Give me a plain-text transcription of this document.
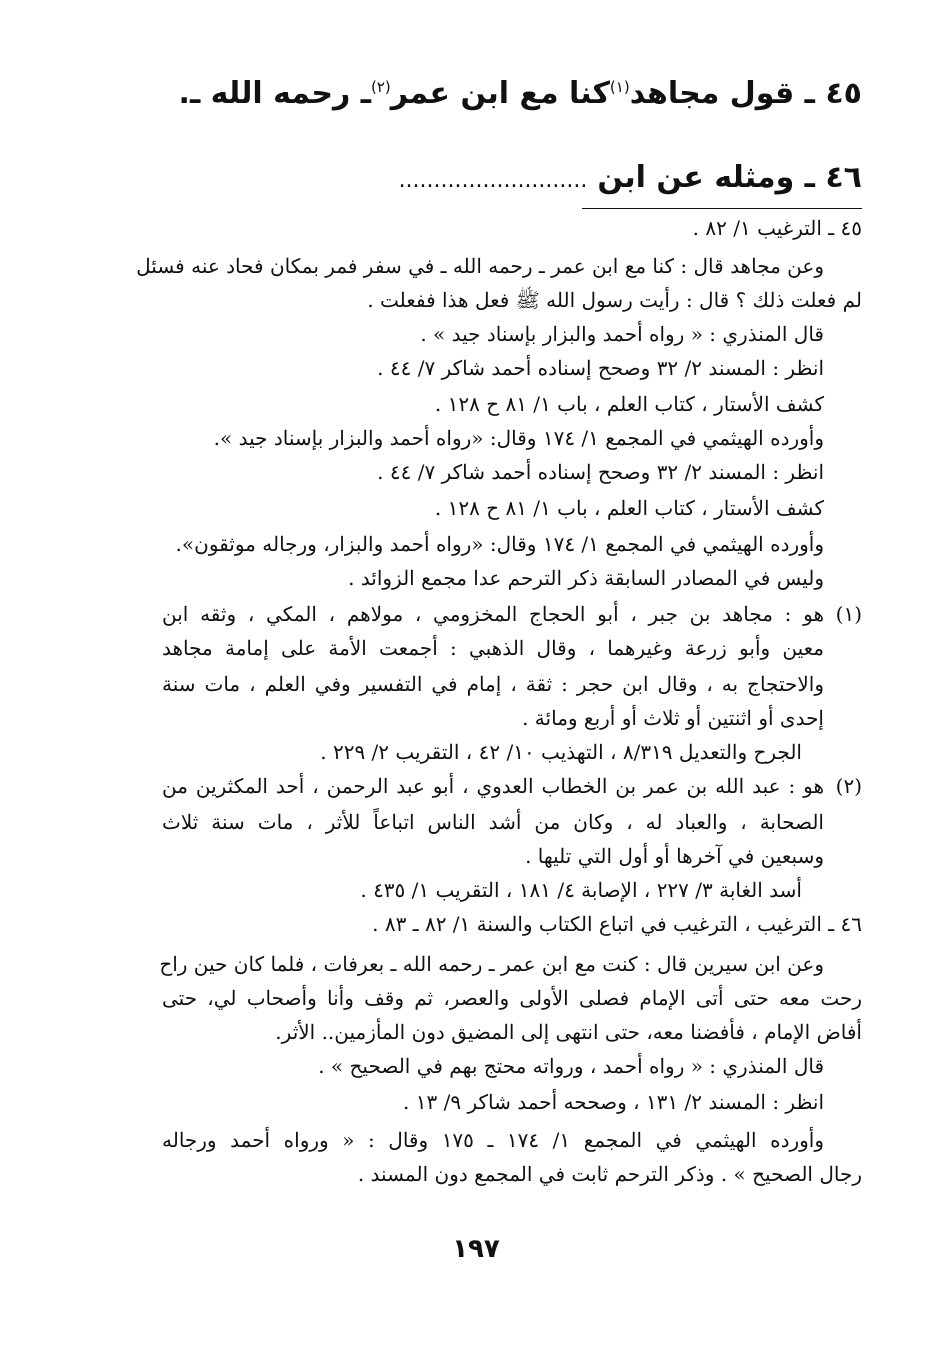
٤٥ ـ قول مجاهد$^{(١)}$كنا مع ابن عمر$^{(٢)}$ـ رحمه الله ـ.
٤٦ ـ ومثله عن ابن...........................
٤٥ ـ الترغيب ١/ ٨٢ .
وعن مجاهد قال : كنا مع ابن عمر ـ رحمه الله ـ في سفر فمر بمكان فحاد عنه فسئل
لم فعلت ذلك ؟ قال : رأيت رسول الله ﷺ فعل هذا ففعلت .
قال المنذري : « رواه أحمد والبزار بإسناد جيد » .
انظر : المسند ٢/ ٣٢ وصحح إسناده أحمد شاكر ٧/ ٤٤ .
كشف الأستار ، كتاب العلم ، باب ١/ ٨١ ح ١٢٨ .
وأورده الهيثمي في المجمع ١/ ١٧٤ وقال: «رواه أحمد والبزار بإسناد جيد ».
انظر : المسند ٢/ ٣٢ وصحح إسناده أحمد شاكر ٧/ ٤٤ .
كشف الأستار ، كتاب العلم ، باب ١/ ٨١ ح ١٢٨ .
وأورده الهيثمي في المجمع ١/ ١٧٤ وقال: «رواه أحمد والبزار، ورجاله موثقون».
وليس في المصادر السابقة ذكر الترحم عدا مجمع الزوائد .
(١)
هو : مجاهد بن جبر ، أبو الحجاج المخزومي ، مولاهم ، المكي ، وثقه ابن
معين وأبو زرعة وغيرهما ، وقال الذهبي : أجمعت الأمة على إمامة مجاهد
والاحتجاج به ، وقال ابن حجر : ثقة ، إمام في التفسير وفي العلم ، مات سنة
إحدى أو اثنتين أو ثلاث أو أربع ومائة .
الجرح والتعديل ٨/٣١٩ ، التهذيب ١٠/ ٤٢ ، التقريب ٢/ ٢٢٩ .
(٢)
هو : عبد الله بن عمر بن الخطاب العدوي ، أبو عبد الرحمن ، أحد المكثرين من
الصحابة ، والعباد له ، وكان من أشد الناس اتباعاً للأثر ، مات سنة ثلاث
وسبعين في آخرها أو أول التي تليها .
أسد الغابة ٣/ ٢٢٧ ، الإصابة ٤/ ١٨١ ، التقريب ١/ ٤٣٥ .
٤٦ ـ الترغيب ، الترغيب في اتباع الكتاب والسنة ١/ ٨٢ ـ ٨٣ .
وعن ابن سيرين قال : كنت مع ابن عمر ـ رحمه الله ـ بعرفات ، فلما كان حين راح
رحت معه حتى أتى الإمام فصلى الأولى والعصر، ثم وقف وأنا وأصحاب لي، حتى
أفاض الإمام ، فأفضنا معه، حتى انتهى إلى المضيق دون المأزمين.. الأثر.
قال المنذري : « رواه أحمد ، ورواته محتج بهم في الصحيح » .
انظر : المسند ٢/ ١٣١ ، وصححه أحمد شاكر ٩/ ١٣ .
وأورده الهيثمي في المجمع ١/ ١٧٤ ـ ١٧٥ وقال : « ورواه أحمد ورجاله
رجال الصحيح » . وذكر الترحم ثابت في المجمع دون المسند .
١٩٧
